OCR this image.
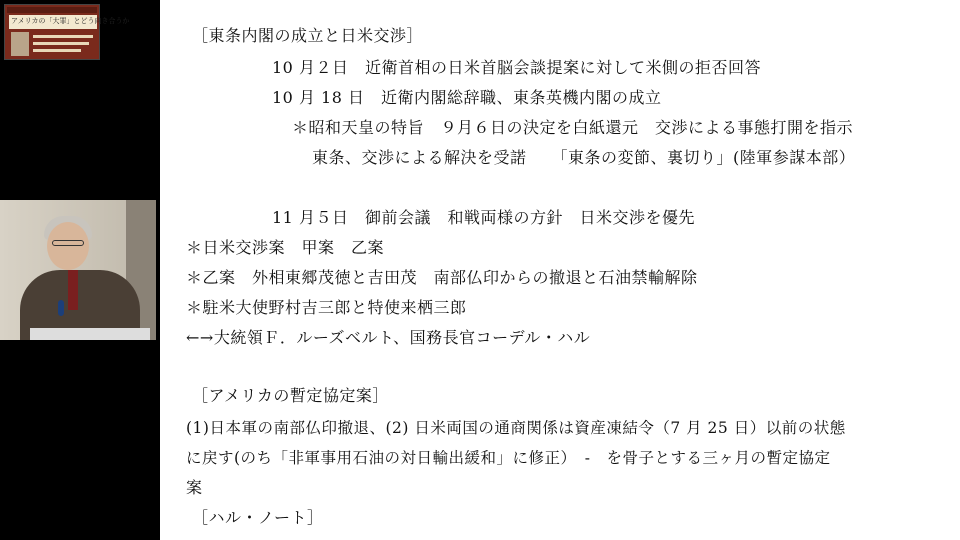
アメリカの「大罪」とどう向き合うか
［東条内閣の成立と日米交渉］
10 月２日　近衛首相の日米首脳会談提案に対して米側の拒否回答
10 月 18 日　近衛内閣総辞職、東条英機内閣の成立
＊昭和天皇の特旨　９月６日の決定を白紙還元　交渉による事態打開を指示
東条、交渉による解決を受諾　　「東条の変節、裏切り」(陸軍参謀本部）
11 月５日　御前会議　和戦両様の方針　日米交渉を優先
＊日米交渉案　甲案　乙案
＊乙案　外相東郷茂徳と吉田茂　南部仏印からの撤退と石油禁輸解除
＊駐米大使野村吉三郎と特使来栖三郎
←→大統領Ｆ．ルーズベルト、国務長官コーデル・ハル
［アメリカの暫定協定案］
(1)日本軍の南部仏印撤退、(2) 日米両国の通商関係は資産凍結令（7 月 25 日）以前の状態
に戻す(のち「非軍事用石油の対日輸出緩和」に修正）　-　を骨子とする三ヶ月の暫定協定
案
［ハル・ノート］
